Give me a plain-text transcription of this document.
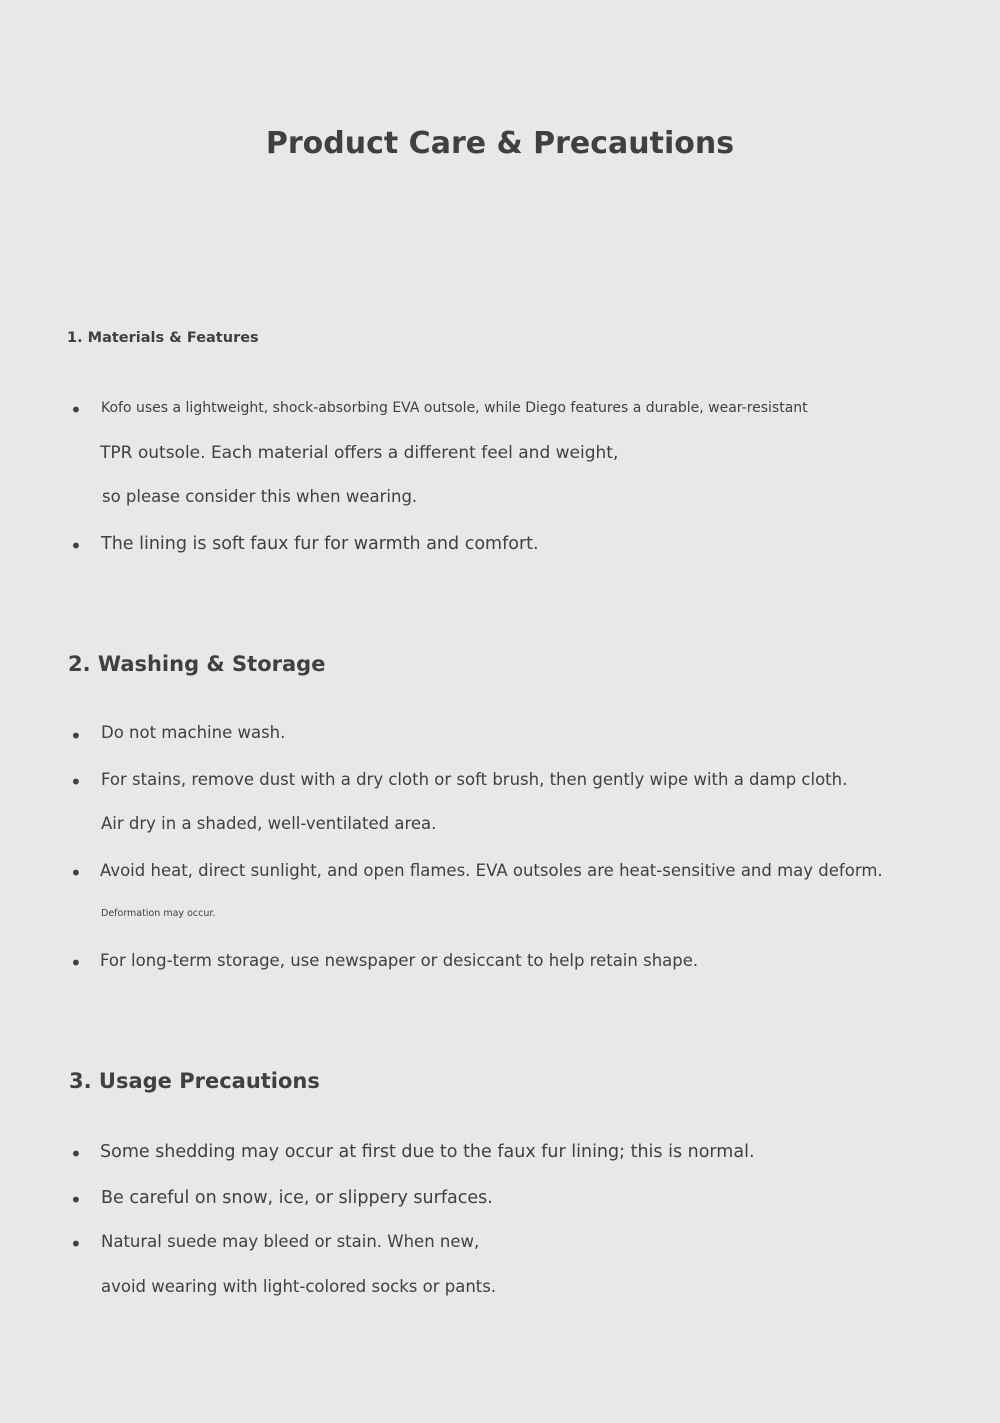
Product Care & Precautions
1. Materials & Features
• Kofo uses a lightweight, shock-absorbing EVA outsole, while Diego features a durable, wear-resistant
TPR outsole. Each material offers a different feel and weight,
so please consider this when wearing.
• The lining is soft faux fur for warmth and comfort.
2. Washing & Storage
• Do not machine wash.
• For stains, remove dust with a dry cloth or soft brush, then gently wipe with a damp cloth.
Air dry in a shaded, well-ventilated area.
• Avoid heat, direct sunlight, and open flames. EVA outsoles are heat-sensitive and may deform.
Deformation may occur.
• For long-term storage, use newspaper or desiccant to help retain shape.
3. Usage Precautions
• Some shedding may occur at first due to the faux fur lining; this is normal.
• Be careful on snow, ice, or slippery surfaces.
• Natural suede may bleed or stain. When new,
avoid wearing with light-colored socks or pants.
